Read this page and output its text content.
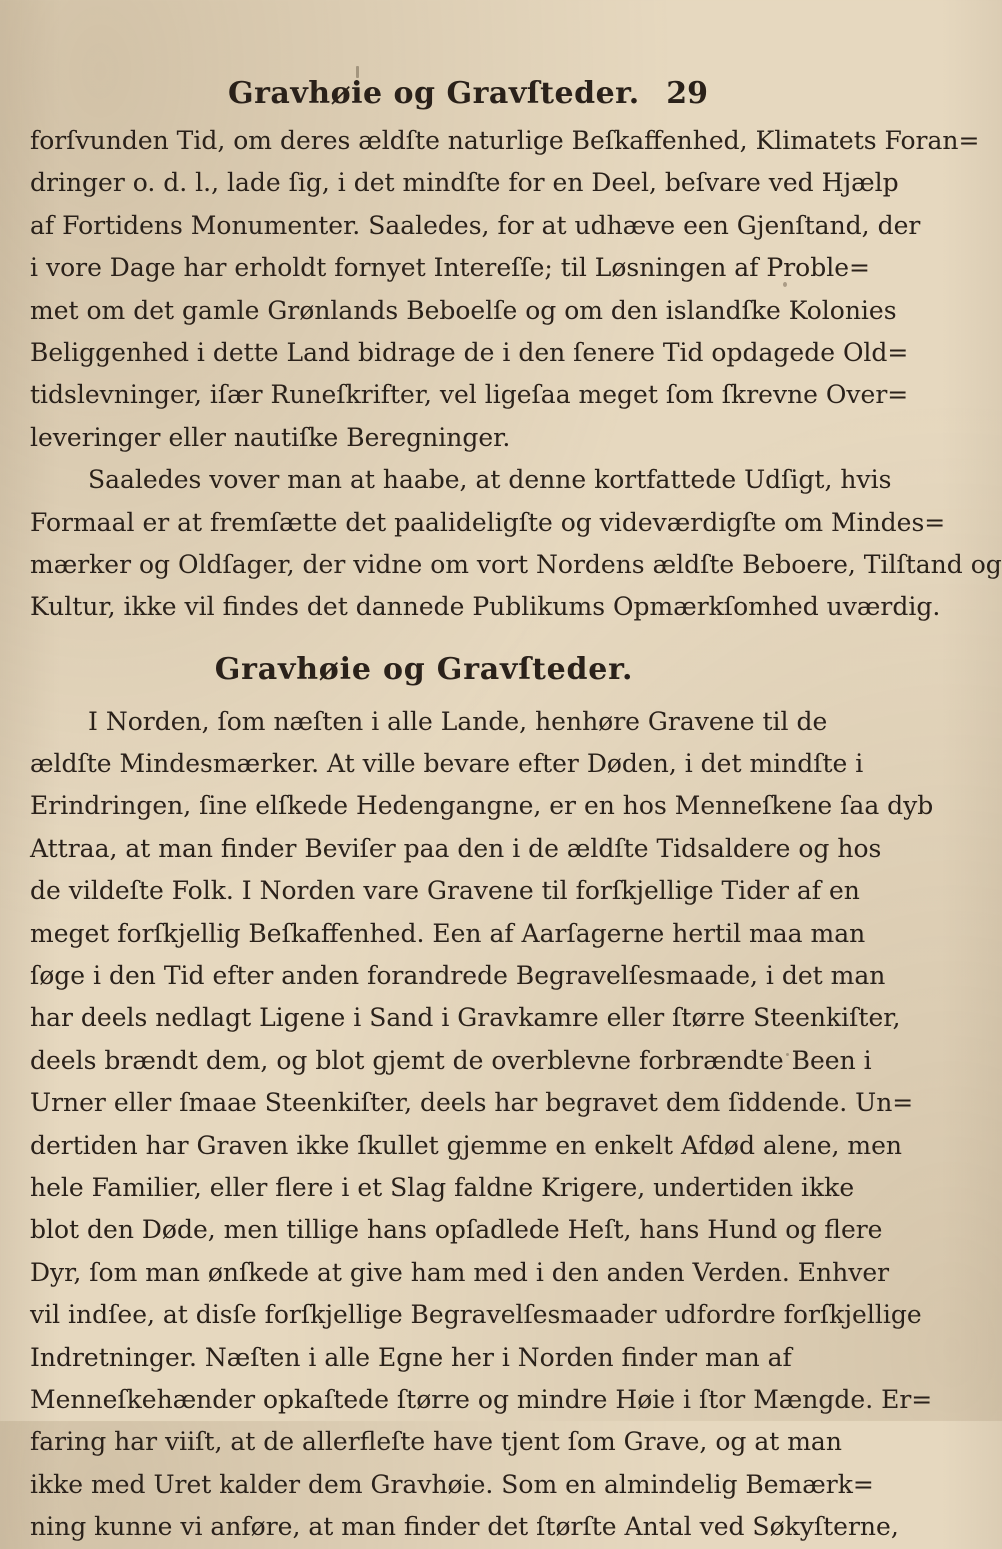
Gravhøie og Gravſteder. 29
forſvunden Tid, om deres ældſte naturlige Beſkaffenhed, Klimatets Foran=
dringer o. d. l., lade ſig, i det mindſte for en Deel, beſvare ved Hjælp
af Fortidens Monumenter. Saaledes, for at udhæve een Gjenſtand, der
i vore Dage har erholdt fornyet Intereſſe; til Løsningen af Proble=
met om det gamle Grønlands Beboelſe og om den islandſke Kolonies
Beliggenhed i dette Land bidrage de i den ſenere Tid opdagede Old=
tidslevninger, iſær Runeſkrifter, vel ligeſaa meget ſom ſkrevne Over=
leveringer eller nautiſke Beregninger.
Saaledes vover man at haabe, at denne kortfattede Udſigt, hvis
Formaal er at fremſætte det paalideligſte og videværdigſte om Mindes=
mærker og Oldſager, der vidne om vort Nordens ældſte Beboere, Tilſtand og
Kultur, ikke vil findes det dannede Publikums Opmærkſomhed uværdig.
Gravhøie og Gravſteder.
I Norden, ſom næſten i alle Lande, henhøre Gravene til de
ældſte Mindesmærker. At ville bevare efter Døden, i det mindſte i
Erindringen, ſine elſkede Hedengangne, er en hos Menneſkene ſaa dyb
Attraa, at man finder Beviſer paa den i de ældſte Tidsaldere og hos
de vildeſte Folk. I Norden vare Gravene til forſkjellige Tider af en
meget forſkjellig Beſkaffenhed. Een af Aarſagerne hertil maa man
ſøge i den Tid efter anden forandrede Begravelſesmaade, i det man
har deels nedlagt Ligene i Sand i Gravkamre eller ſtørre Steenkiſter,
deels brændt dem, og blot gjemt de overblevne forbrændte Been i
Urner eller ſmaae Steenkiſter, deels har begravet dem ſiddende. Un=
dertiden har Graven ikke ſkullet gjemme en enkelt Afdød alene, men
hele Familier, eller flere i et Slag faldne Krigere, undertiden ikke
blot den Døde, men tillige hans opſadlede Heſt, hans Hund og flere
Dyr, ſom man ønſkede at give ham med i den anden Verden. Enhver
vil indſee, at disſe forſkjellige Begravelſesmaader udfordre forſkjellige
Indretninger. Næſten i alle Egne her i Norden finder man af
Menneſkehænder opkaſtede ſtørre og mindre Høie i ſtor Mængde. Er=
faring har viiſt, at de allerfleſte have tjent ſom Grave, og at man
ikke med Uret kalder dem Gravhøie. Som en almindelig Bemærk=
ning kunne vi anføre, at man finder det ſtørſte Antal ved Søkyſterne,
